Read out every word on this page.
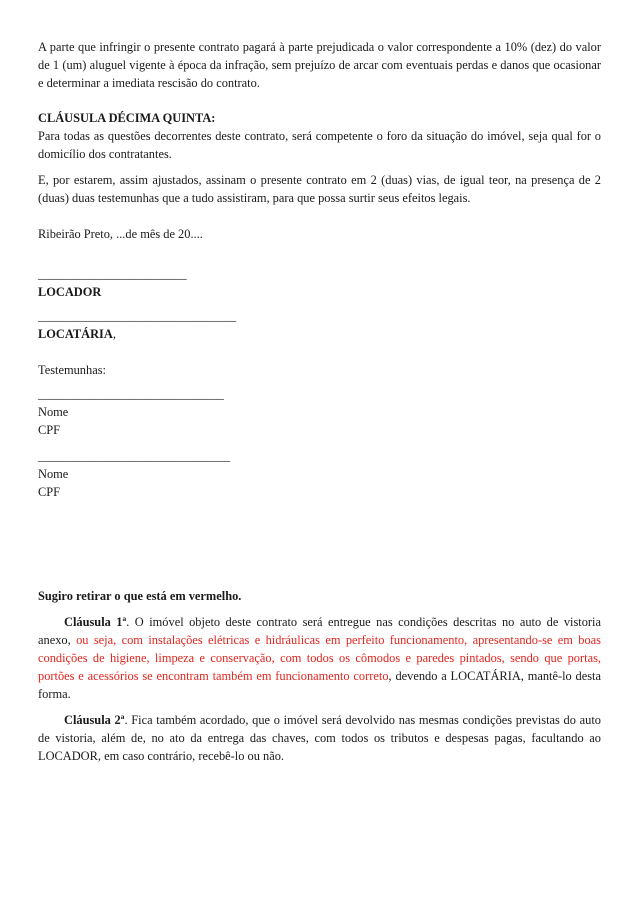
A parte que infringir o presente contrato pagará à parte prejudicada o valor correspondente a 10% (dez) do valor de 1 (um) aluguel vigente à época da infração, sem prejuízo de arcar com eventuais perdas e danos que ocasionar e determinar a imediata rescisão do contrato.

CLÁUSULA DÉCIMA QUINTA:

Para todas as questões decorrentes deste contrato, será competente o foro da situação do imóvel, seja qual for o domicílio dos contratantes.

E, por estarem, assim ajustados, assinam o presente contrato em 2 (duas) vias, de igual teor, na presença de 2 (duas) duas testemunhas que a tudo assistiram, para que possa surtir seus efeitos legais.

Ribeirão Preto, ...de mês de 20....

________________________
LOCADOR
________________________________
LOCATÁRIA,
Testemunhas:
______________________________
Nome
CPF
_______________________________
Nome
CPF

Sugiro retirar o que está em vermelho.

Cláusula 1ª. O imóvel objeto deste contrato será entregue nas condições descritas no auto de vistoria anexo, ou seja, com instalações elétricas e hidráulicas em perfeito funcionamento, apresentando-se em boas condições de higiene, limpeza e conservação, com todos os cômodos e paredes pintados, sendo que portas, portões e acessórios se encontram também em funcionamento correto, devendo a LOCATÁRIA, mantê-lo desta forma.

Cláusula 2ª. Fica também acordado, que o imóvel será devolvido nas mesmas condições previstas do auto de vistoria, além de, no ato da entrega das chaves, com todos os tributos e despesas pagas, facultando ao LOCADOR, em caso contrário, recebê-lo ou não.
